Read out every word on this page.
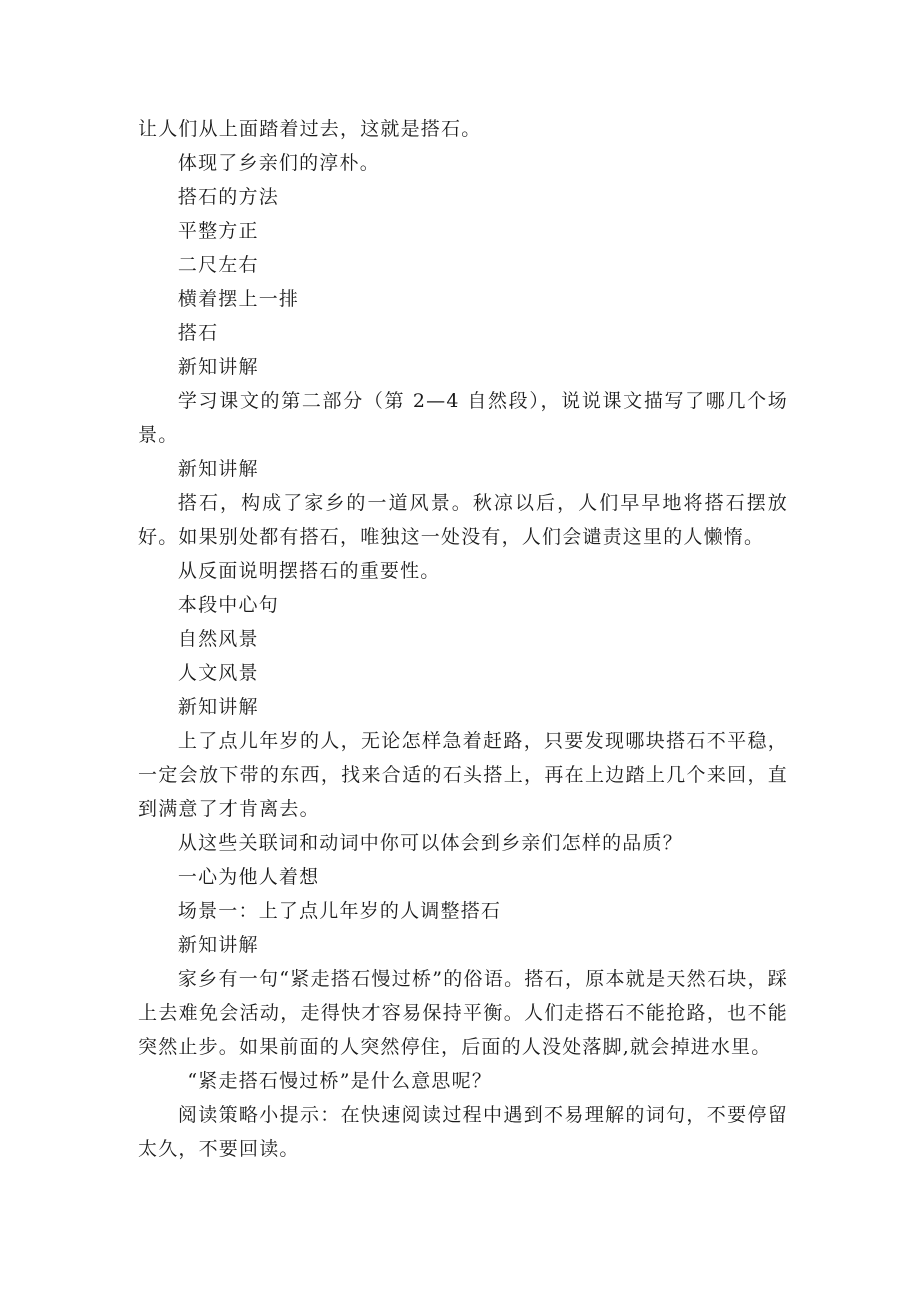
让人们从上面踏着过去，这就是搭石。

体现了乡亲们的淳朴。

搭石的方法

平整方正

二尺左右

横着摆上一排

搭石

新知讲解

学习课文的第二部分（第 2—4 自然段），说说课文描写了哪几个场景。

新知讲解

搭石，构成了家乡的一道风景。秋凉以后，人们早早地将搭石摆放好。如果别处都有搭石，唯独这一处没有，人们会谴责这里的人懒惰。

从反面说明摆搭石的重要性。

本段中心句

自然风景

人文风景

新知讲解

上了点儿年岁的人，无论怎样急着赶路，只要发现哪块搭石不平稳，一定会放下带的东西，找来合适的石头搭上，再在上边踏上几个来回，直到满意了才肯离去。

从这些关联词和动词中你可以体会到乡亲们怎样的品质？

一心为他人着想

场景一：上了点儿年岁的人调整搭石

新知讲解

家乡有一句“紧走搭石慢过桥”的俗语。搭石，原本就是天然石块，踩上去难免会活动，走得快才容易保持平衡。人们走搭石不能抢路，也不能突然止步。如果前面的人突然停住，后面的人没处落脚,就会掉进水里。

“紧走搭石慢过桥”是什么意思呢？

阅读策略小提示：在快速阅读过程中遇到不易理解的词句，不要停留太久，不要回读。
